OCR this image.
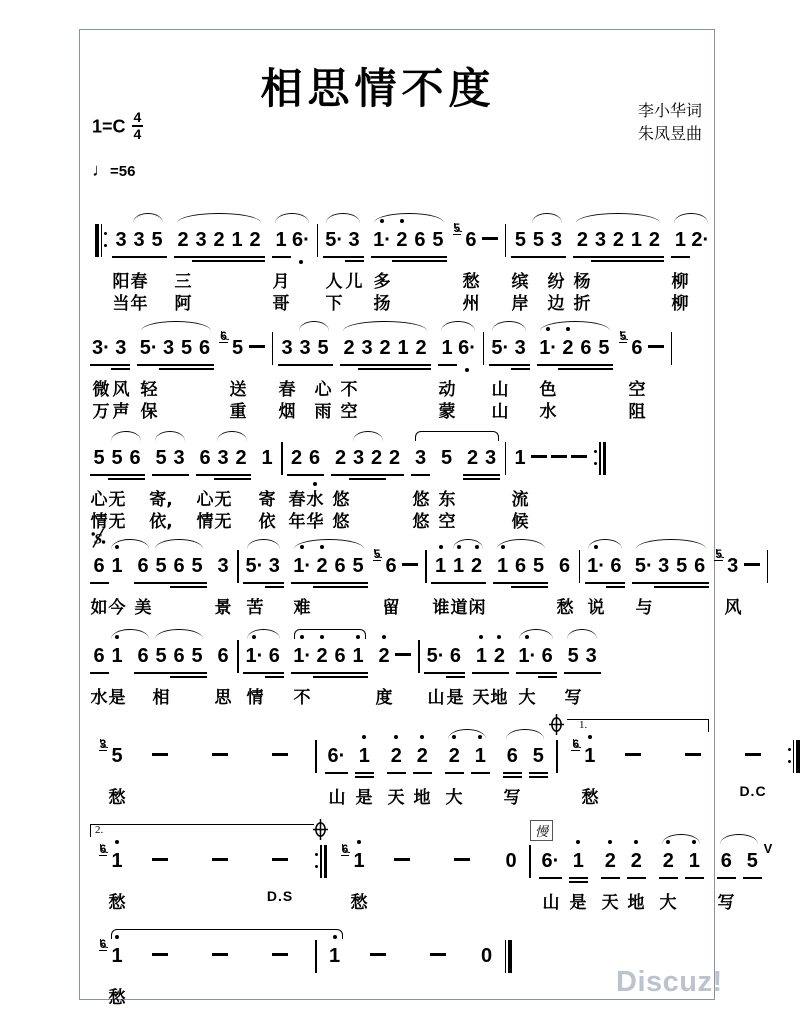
相思情不度
$1=C \frac{4}{4}$	李小华词
朱凤昱曲
♩=56
3 3 5 2 3 2 1 2 1 6· 5· 3 1· 2 6 5 6
5
5 5 3 2 3 2 1 2 1 2·
阳 春 三	月 人 儿 多	愁 缤 纷 杨	柳
当 年 阿	哥 下 扬	州 岸 边 折	柳
3· 3 5· 3 5 6 5
6
3 3 5 2 3 2 1 2 1 6· 5· 3 1· 2 6 5 6
5
微 风 轻	送 春 心 不	动 山 色	空
万 声 保	重 烟 雨 空	蒙 山 水	阻
5 5 6 5 3 6 3 2 1 2 6 2 3 2 2 3 5 2 3 1
心 无 寄, 心 无 寄 春 水 悠	悠 东	流
情 无 依, 情 无 依 年 华 悠	悠 空	候
6 1 6 5 6 5 3 5· 3 1· 2 6 5 6
5
1 1 2 1 6 5 6 1· 6 5· 3 5 6 3
5
如 今 美	景 苦 难	留 谁 道 闲	愁 说 与	风
S
6 1 6 5 6 5 6 1· 6 1· 2 6 1 2 5· 6 1 2 1· 6 5 3
水 是 相	思 情 不	度 山 是 天 地 大 写
5
3
6· 1 2 2 2 1 6 5 1
6
愁	山 是 天 地 大 写	愁	D.C
1.
1
6
1
6
0 6· 1 2 2 2 1 6 5
V
愁	D.S	愁	山 是 天 地 大 写
2.	慢
1
6
1	0
愁	Discuz!
